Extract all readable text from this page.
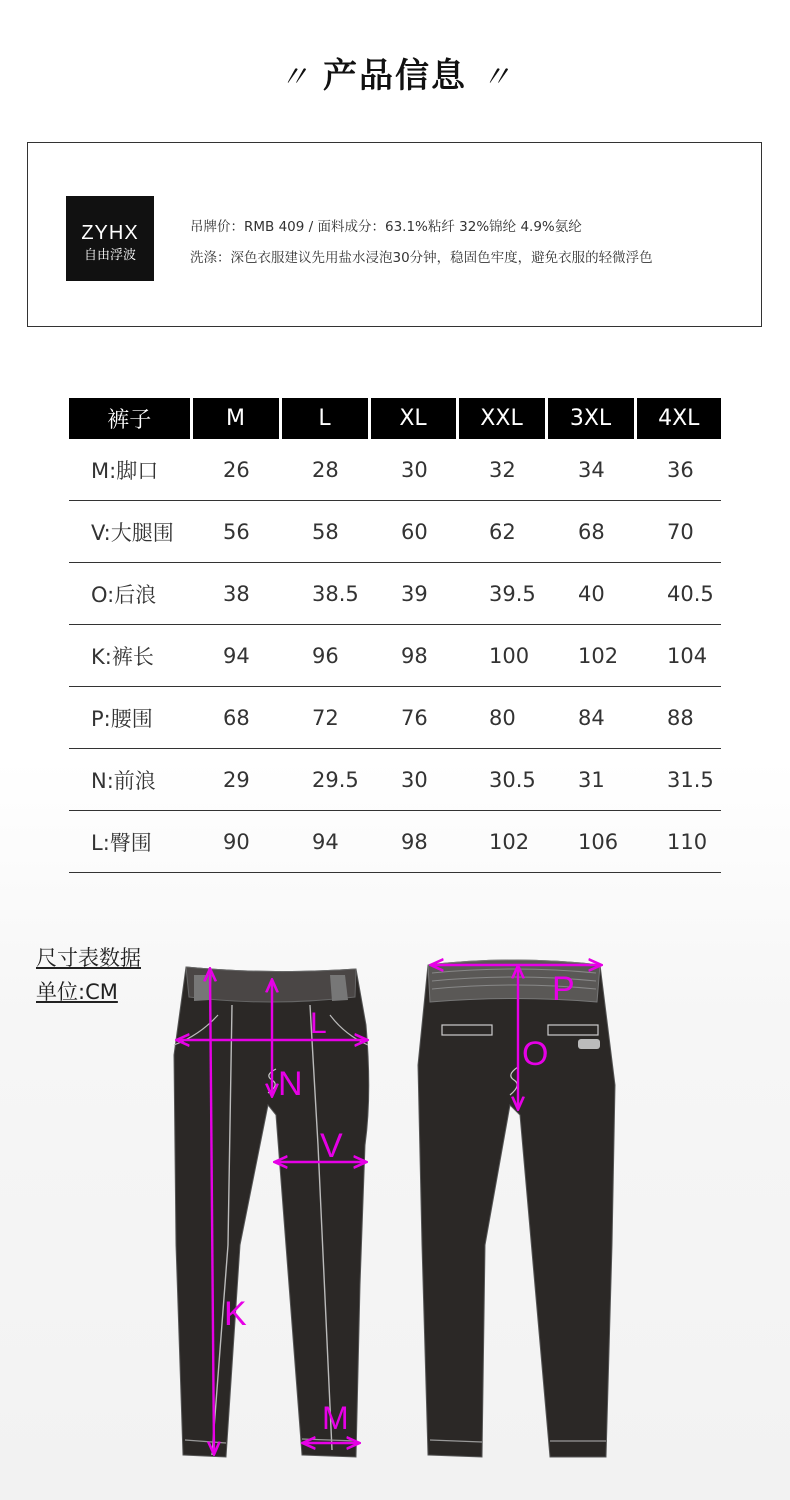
〃 产品信息 〃
ZYHX
自由浮波
吊牌价：RMB 409 / 面料成分：63.1%粘纤 32%锦纶 4.9%氨纶
洗涤：深色衣服建议先用盐水浸泡30分钟，稳固色牢度，避免衣服的轻微浮色
裤子	M	L	XL	XXL	3XL	4XL
M:脚口	26	28	30	32	34	36
V:大腿围	56	58	60	62	68	70
O:后浪	38	38.5	39	39.5	40	40.5
K:裤长	94	96	98	100	102	104
P:腰围	68	72	76	80	84	88
N:前浪	29	29.5	30	30.5	31	31.5
L:臀围	90	94	98	102	106	110
尺寸表数据
单位:CM
L
N
V
K
M
P
O
